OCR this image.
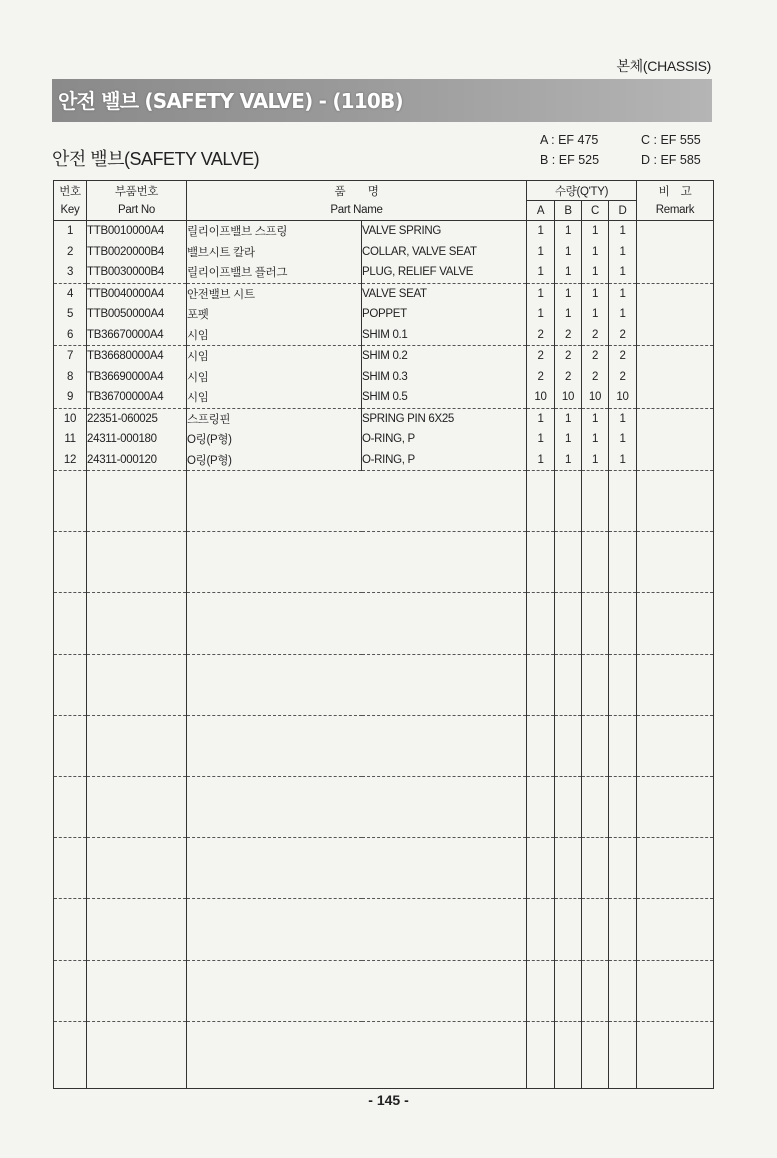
본체(CHASSIS)
안전 밸브 (SAFETY VALVE) - (110B)
안전 밸브(SAFETY VALVE)
A : EF 475
B : EF 525
C : EF 555
D : EF 585
번호	부품번호	품　　명		수량(Q'TY)				비　고
Key	Part No	Part Name		A	B	C	D	Remark
1	TTB0010000A4	릴리이프밸브 스프링	VALVE SPRING	1	1	1	1	
2	TTB0020000B4	밸브시트 칼라	COLLAR, VALVE SEAT	1	1	1	1	
3	TTB0030000B4	릴리이프밸브 플러그	PLUG, RELIEF VALVE	1	1	1	1	
4	TTB0040000A4	안전밸브 시트	VALVE SEAT	1	1	1	1	
5	TTB0050000A4	포펫	POPPET	1	1	1	1	
6	TB36670000A4	시임	SHIM 0.1	2	2	2	2	
7	TB36680000A4	시임	SHIM 0.2	2	2	2	2	
8	TB36690000A4	시임	SHIM 0.3	2	2	2	2	
9	TB36700000A4	시임	SHIM 0.5	10	10	10	10	
10	22351-060025	스프링핀	SPRING PIN 6X25	1	1	1	1	
11	24311-000180	O링(P형)	O-RING, P	1	1	1	1	
12	24311-000120	O링(P형)	O-RING, P	1	1	1	1	

- 145 -
